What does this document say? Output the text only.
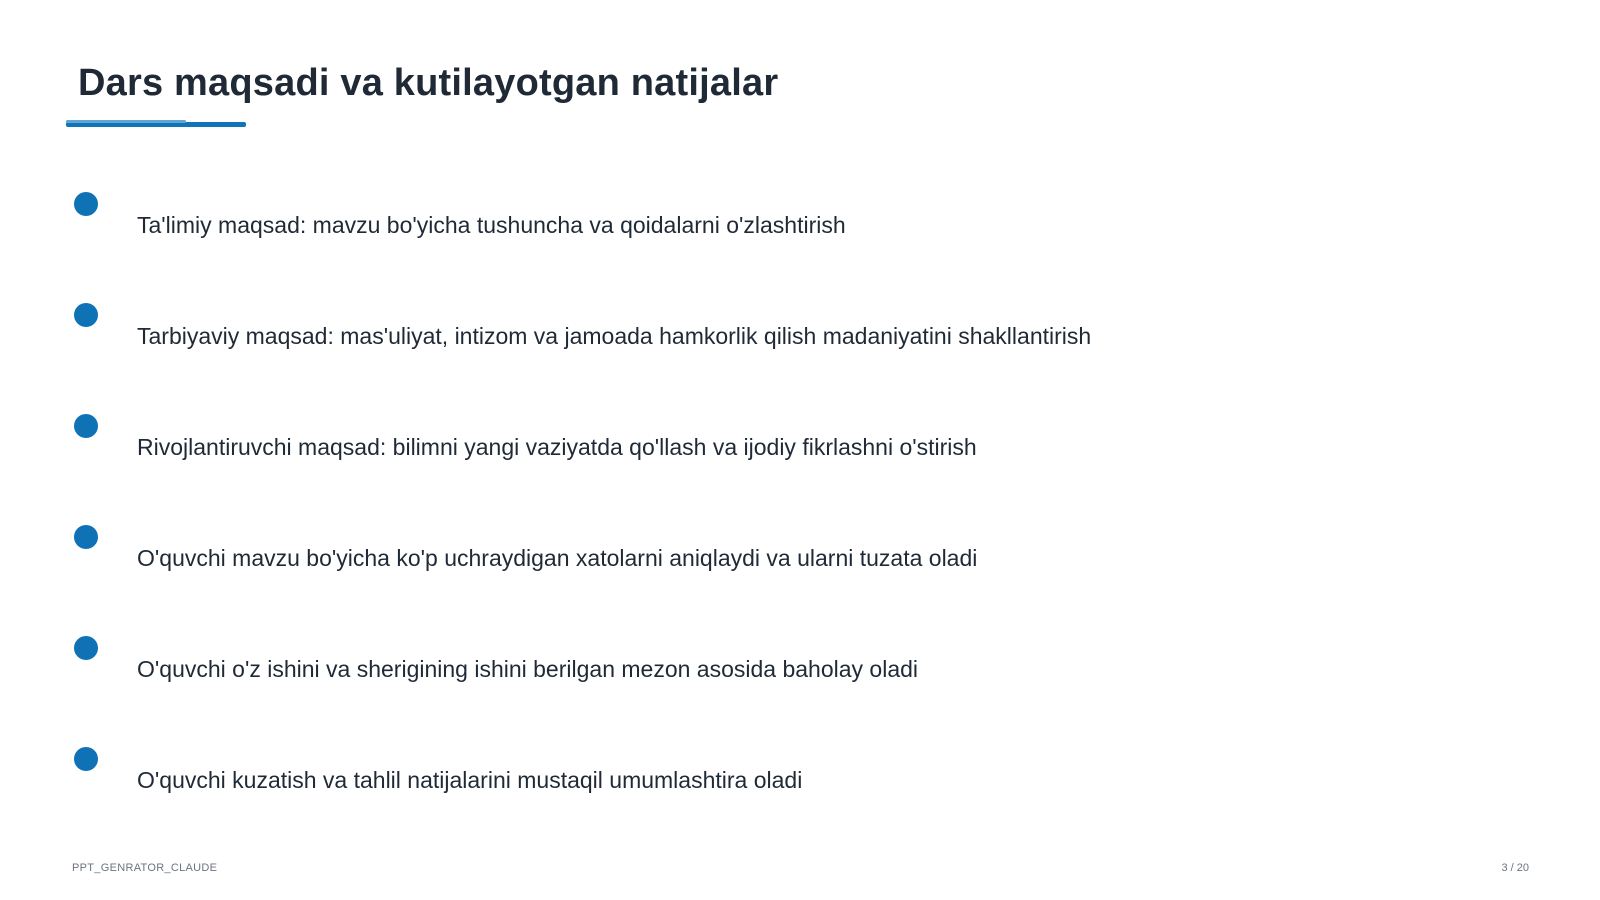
Dars maqsadi va kutilayotgan natijalar
Ta'limiy maqsad: mavzu bo'yicha tushuncha va qoidalarni o'zlashtirish
Tarbiyaviy maqsad: mas'uliyat, intizom va jamoada hamkorlik qilish madaniyatini shakllantirish
Rivojlantiruvchi maqsad: bilimni yangi vaziyatda qo'llash va ijodiy fikrlashni o'stirish
O'quvchi mavzu bo'yicha ko'p uchraydigan xatolarni aniqlaydi va ularni tuzata oladi
O'quvchi o'z ishini va sherigining ishini berilgan mezon asosida baholay oladi
O'quvchi kuzatish va tahlil natijalarini mustaqil umumlashtira oladi
PPT_GENRATOR_CLAUDE	3 / 20
